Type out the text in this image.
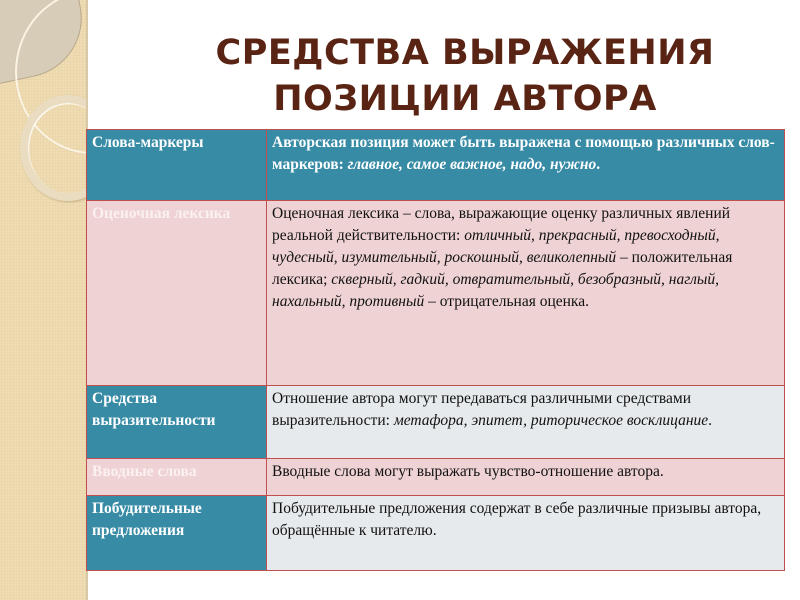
СРЕДСТВА ВЫРАЖЕНИЯ
ПОЗИЦИИ АВТОРА
Слова-маркеры	Авторская позиция может быть выражена с помощью различных слов-маркеров: главное, самое важное, надо, нужно.
Оценочная лексика	Оценочная лексика – слова, выражающие оценку различных явлений реальной действительности: отличный, прекрасный, превосходный, чудесный, изумительный, роскошный, великолепный – положительная лексика; скверный, гадкий, отвратительный, безобразный, наглый, нахальный, противный – отрицательная оценка.
Средства выразительности	Отношение автора могут передаваться различными средствами выразительности: метафора, эпитет, риторическое восклицание.
Вводные слова	Вводные слова могут выражать чувство-отношение автора.
Побудительные предложения	Побудительные предложения содержат в себе различные призывы автора, обращённые к читателю.
